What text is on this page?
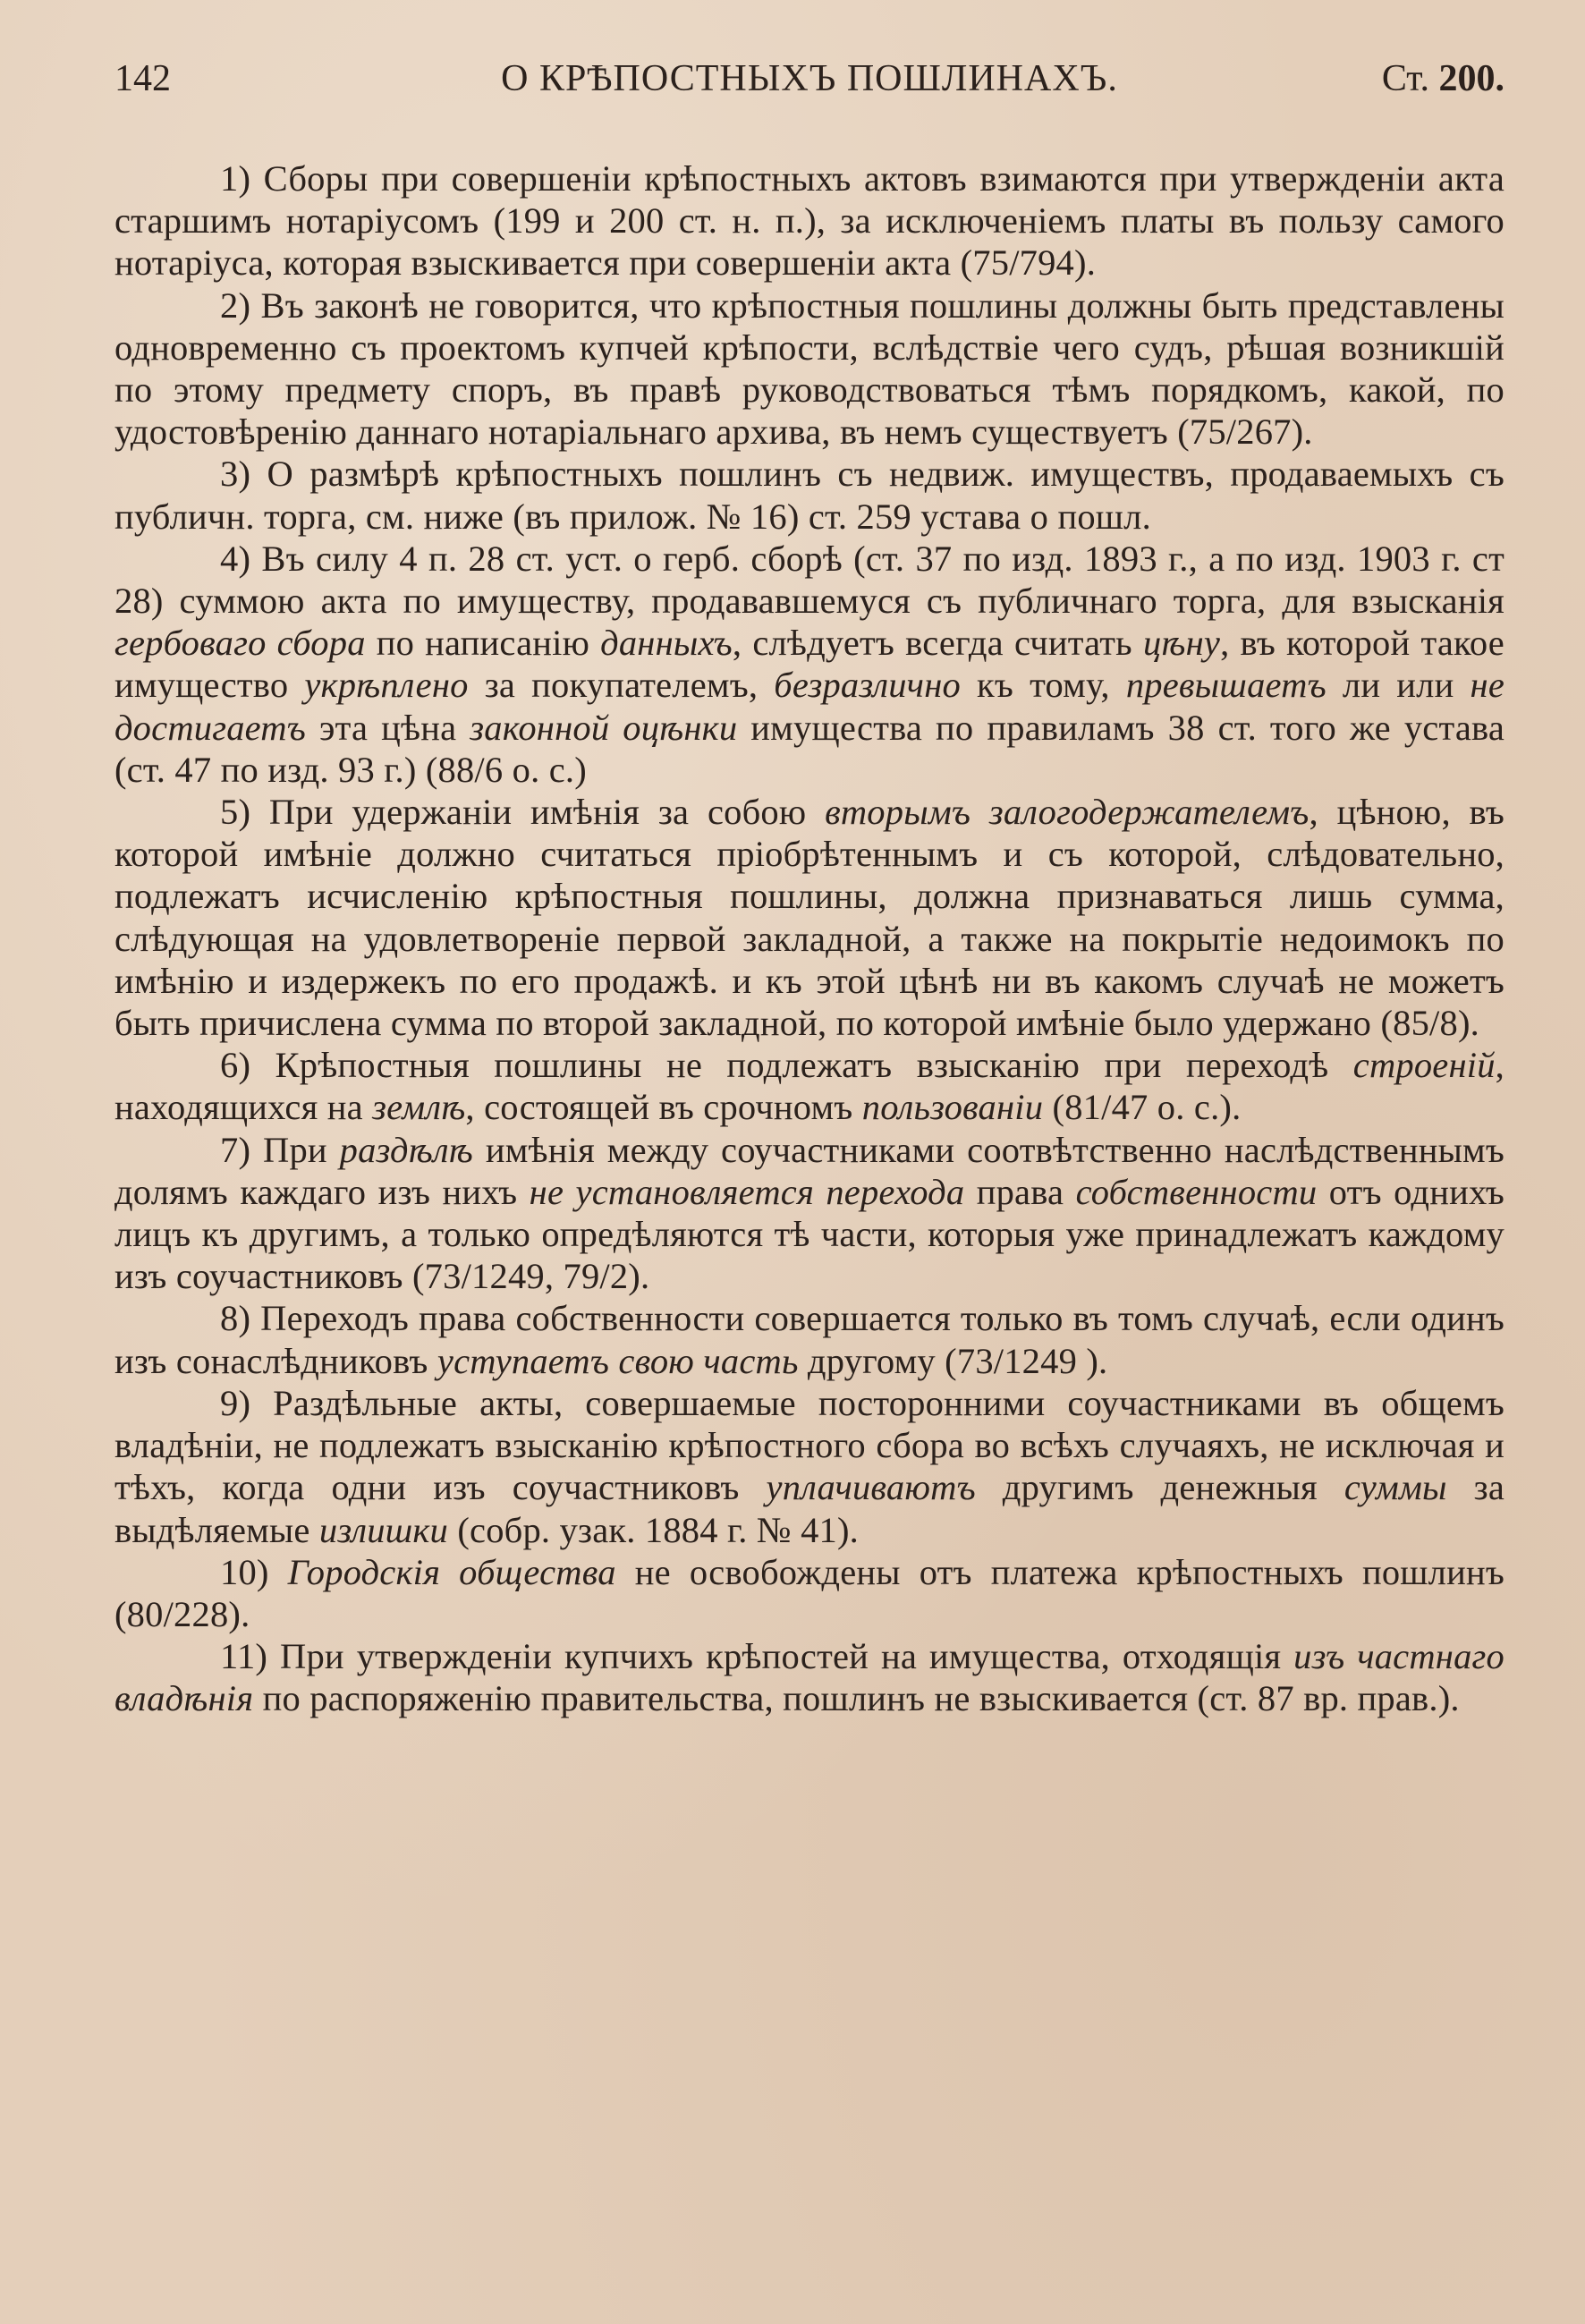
142	О КРѢПОСТНЫХЪ ПОШЛИНАХЪ.	Ст. 200.

1) Сборы при совершеніи крѣпостныхъ актовъ взимаются при утвержденіи акта старшимъ нотаріусомъ (199 и 200 ст. н. п.), за исключеніемъ платы въ пользу самого нотаріуса, которая взыскивается при совершеніи акта (75/794).

2) Въ законѣ не говорится, что крѣпостныя пошлины должны быть представлены одновременно съ проектомъ купчей крѣпости, вслѣдствіе чего судъ, рѣшая возникшій по этому предмету споръ, въ правѣ руководствоваться тѣмъ порядкомъ, какой, по удостовѣренію даннаго нотаріальнаго архива, въ немъ существуетъ (75/267).

3) О размѣрѣ крѣпостныхъ пошлинъ съ недвиж. имуществъ, продаваемыхъ съ публичн. торга, см. ниже (въ прилож. № 16) ст. 259 устава о пошл.

4) Въ силу 4 п. 28 ст. уст. о герб. сборѣ (ст. 37 по изд. 1893 г., а по изд. 1903 г. ст 28) суммою акта по имуществу, продававшемуся съ публичнаго торга, для взысканія гербоваго сбора по написанію данныхъ, слѣдуетъ всегда считать цѣну, въ которой такое имущество укрѣплено за покупателемъ, безразлично къ тому, превышаетъ ли или не достигаетъ эта цѣна законной оцѣнки имущества по правиламъ 38 ст. того же устава (ст. 47 по изд. 93 г.) (88/6 о. с.)

5) При удержаніи имѣнія за собою вторымъ залогодержателемъ, цѣною, въ которой имѣніе должно считаться пріобрѣтеннымъ и съ которой, слѣдовательно, подлежатъ исчисленію крѣпостныя пошлины, должна признаваться лишь сумма, слѣдующая на удовлетвореніе первой закладной, а также на покрытіе недоимокъ по имѣнію и издержекъ по его продажѣ. и къ этой цѣнѣ ни въ какомъ случаѣ не можетъ быть причислена сумма по второй закладной, по которой имѣніе было удержано (85/8).

6) Крѣпостныя пошлины не подлежатъ взысканію при переходѣ строеній, находящихся на землѣ, состоящей въ срочномъ пользованіи (81/47 о. с.).

7) При раздѣлѣ имѣнія между соучастниками соотвѣтственно наслѣдственнымъ долямъ каждаго изъ нихъ не установляется перехода права собственности отъ однихъ лицъ къ другимъ, а только опредѣляются тѣ части, которыя уже принадлежатъ каждому изъ соучастниковъ (73/1249, 79/2).

8) Переходъ права собственности совершается только въ томъ случаѣ, если одинъ изъ сонаслѣдниковъ уступаетъ свою часть другому (73/1249 ).

9) Раздѣльные акты, совершаемые посторонними соучастниками въ общемъ владѣніи, не подлежатъ взысканію крѣпостного сбора во всѣхъ случаяхъ, не исключая и тѣхъ, когда одни изъ соучастниковъ уплачиваютъ другимъ денежныя суммы за выдѣляемые излишки (собр. узак. 1884 г. № 41).

10) Городскія общества не освобождены отъ платежа крѣпостныхъ пошлинъ (80/228).

11) При утвержденіи купчихъ крѣпостей на имущества, отходящія изъ частнаго владѣнія по распоряженію правительства, пошлинъ не взыскивается (ст. 87 вр. прав.).
